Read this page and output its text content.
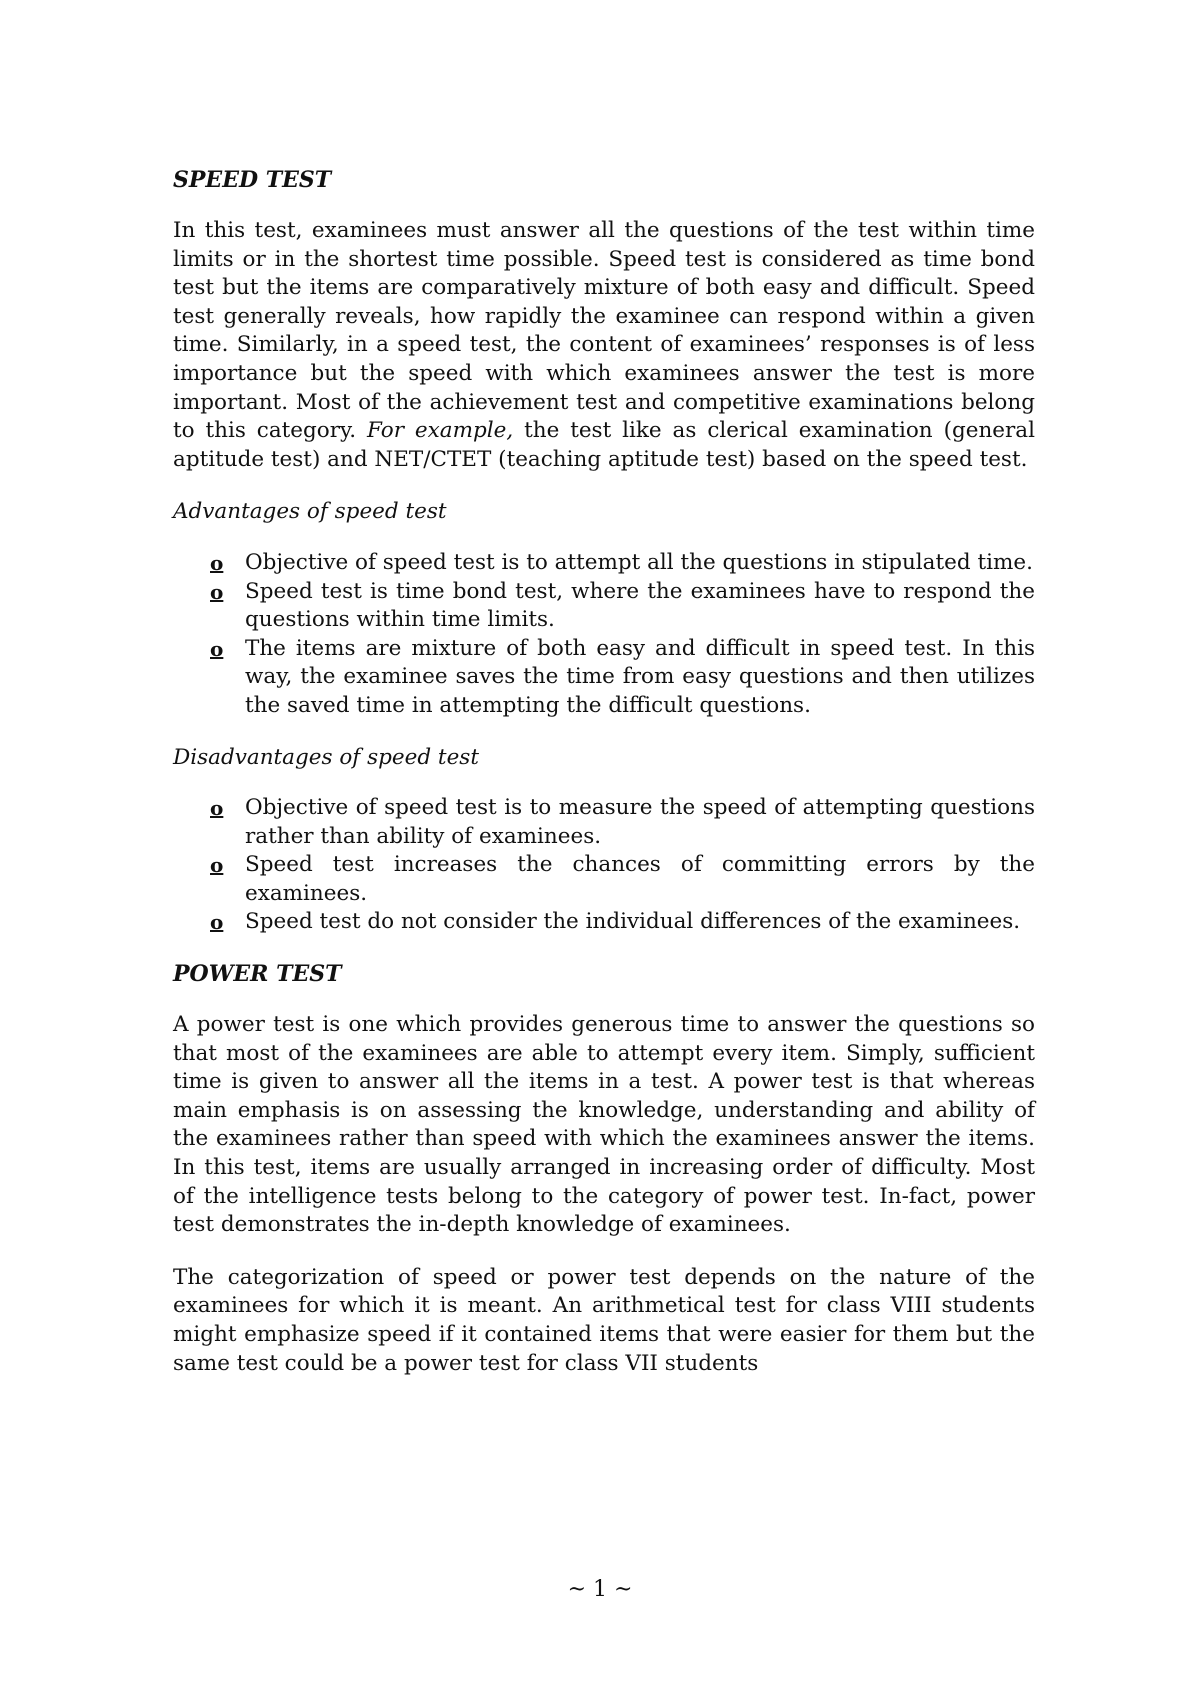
SPEED TEST

In this test, examinees must answer all the questions of the test within time limits or in the shortest time possible. Speed test is considered as time bond test but the items are comparatively mixture of both easy and difficult. Speed test generally reveals, how rapidly the examinee can respond within a given time. Similarly, in a speed test, the content of examinees’ responses is of less importance but the speed with which examinees answer the test is more important. Most of the achievement test and competitive examinations belong to this category. For example, the test like as clerical examination (general aptitude test) and NET/CTET (teaching aptitude test) based on the speed test.

Advantages of speed test
o Objective of speed test is to attempt all the questions in stipulated time.
o Speed test is time bond test, where the examinees have to respond the questions within time limits.
o The items are mixture of both easy and difficult in speed test. In this way, the examinee saves the time from easy questions and then utilizes the saved time in attempting the difficult questions.
Disadvantages of speed test
o Objective of speed test is to measure the speed of attempting questions rather than ability of examinees.
o Speed test increases the chances of committing errors by the examinees.
o Speed test do not consider the individual differences of the examinees.
POWER TEST

A power test is one which provides generous time to answer the questions so that most of the examinees are able to attempt every item. Simply, sufficient time is given to answer all the items in a test. A power test is that whereas main emphasis is on assessing the knowledge, understanding and ability of the examinees rather than speed with which the examinees answer the items. In this test, items are usually arranged in increasing order of difficulty. Most of the intelligence tests belong to the category of power test. In-fact, power test demonstrates the in-depth knowledge of examinees.

The categorization of speed or power test depends on the nature of the examinees for which it is meant. An arithmetical test for class VIII students might emphasize speed if it contained items that were easier for them but the same test could be a power test for class VII students

~ 1 ~
